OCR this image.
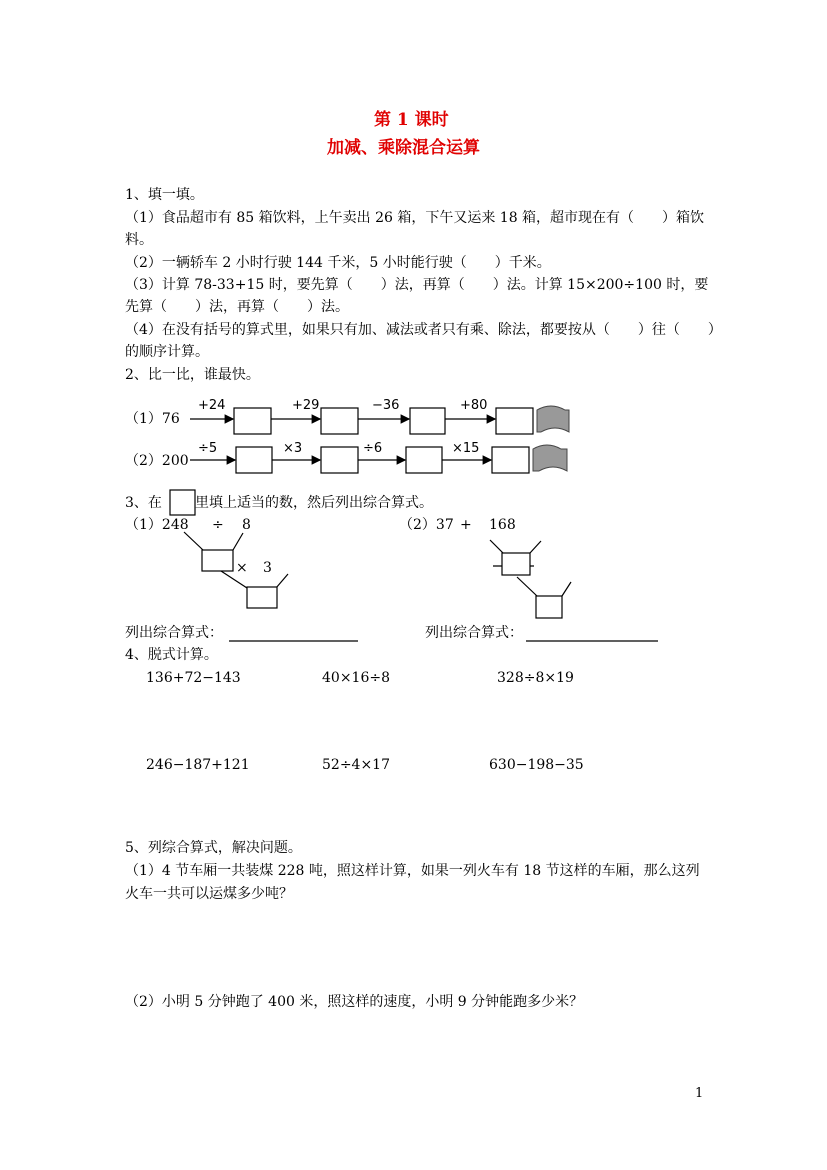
第 1 课时
加减、乘除混合运算
1、填一填。
（1）食品超市有 85 箱饮料，上午卖出 26 箱，下午又运来 18 箱，超市现在有（　　）箱饮
料。
（2）一辆轿车 2 小时行驶 144 千米，5 小时能行驶（　　）千米。
（3）计算 78-33+15 时，要先算（　　）法，再算（　　）法。计算 15×200÷100 时，要
先算（　　）法，再算（　　）法。
（4）在没有括号的算式里，如果只有加、减法或者只有乘、除法，都要按从（　　）往（　　）
的顺序计算。
2、比一比，谁最快。
+24	+29	−36	+80
÷5	×3	÷6	×15
（1）76
（2）200
3、在 里填上适当的数，然后列出综合算式。
（1）248 ÷ 8
× 3
（2）37 + 168
列出综合算式：	列出综合算式：
4、脱式计算。
136+72−143	40×16÷8	328÷8×19
246−187+121	52÷4×17	630−198−35
5、列综合算式，解决问题。
（1）4 节车厢一共装煤 228 吨，照这样计算，如果一列火车有 18 节这样的车厢，那么这列
火车一共可以运煤多少吨？
（2）小明 5 分钟跑了 400 米，照这样的速度，小明 9 分钟能跑多少米？
1
